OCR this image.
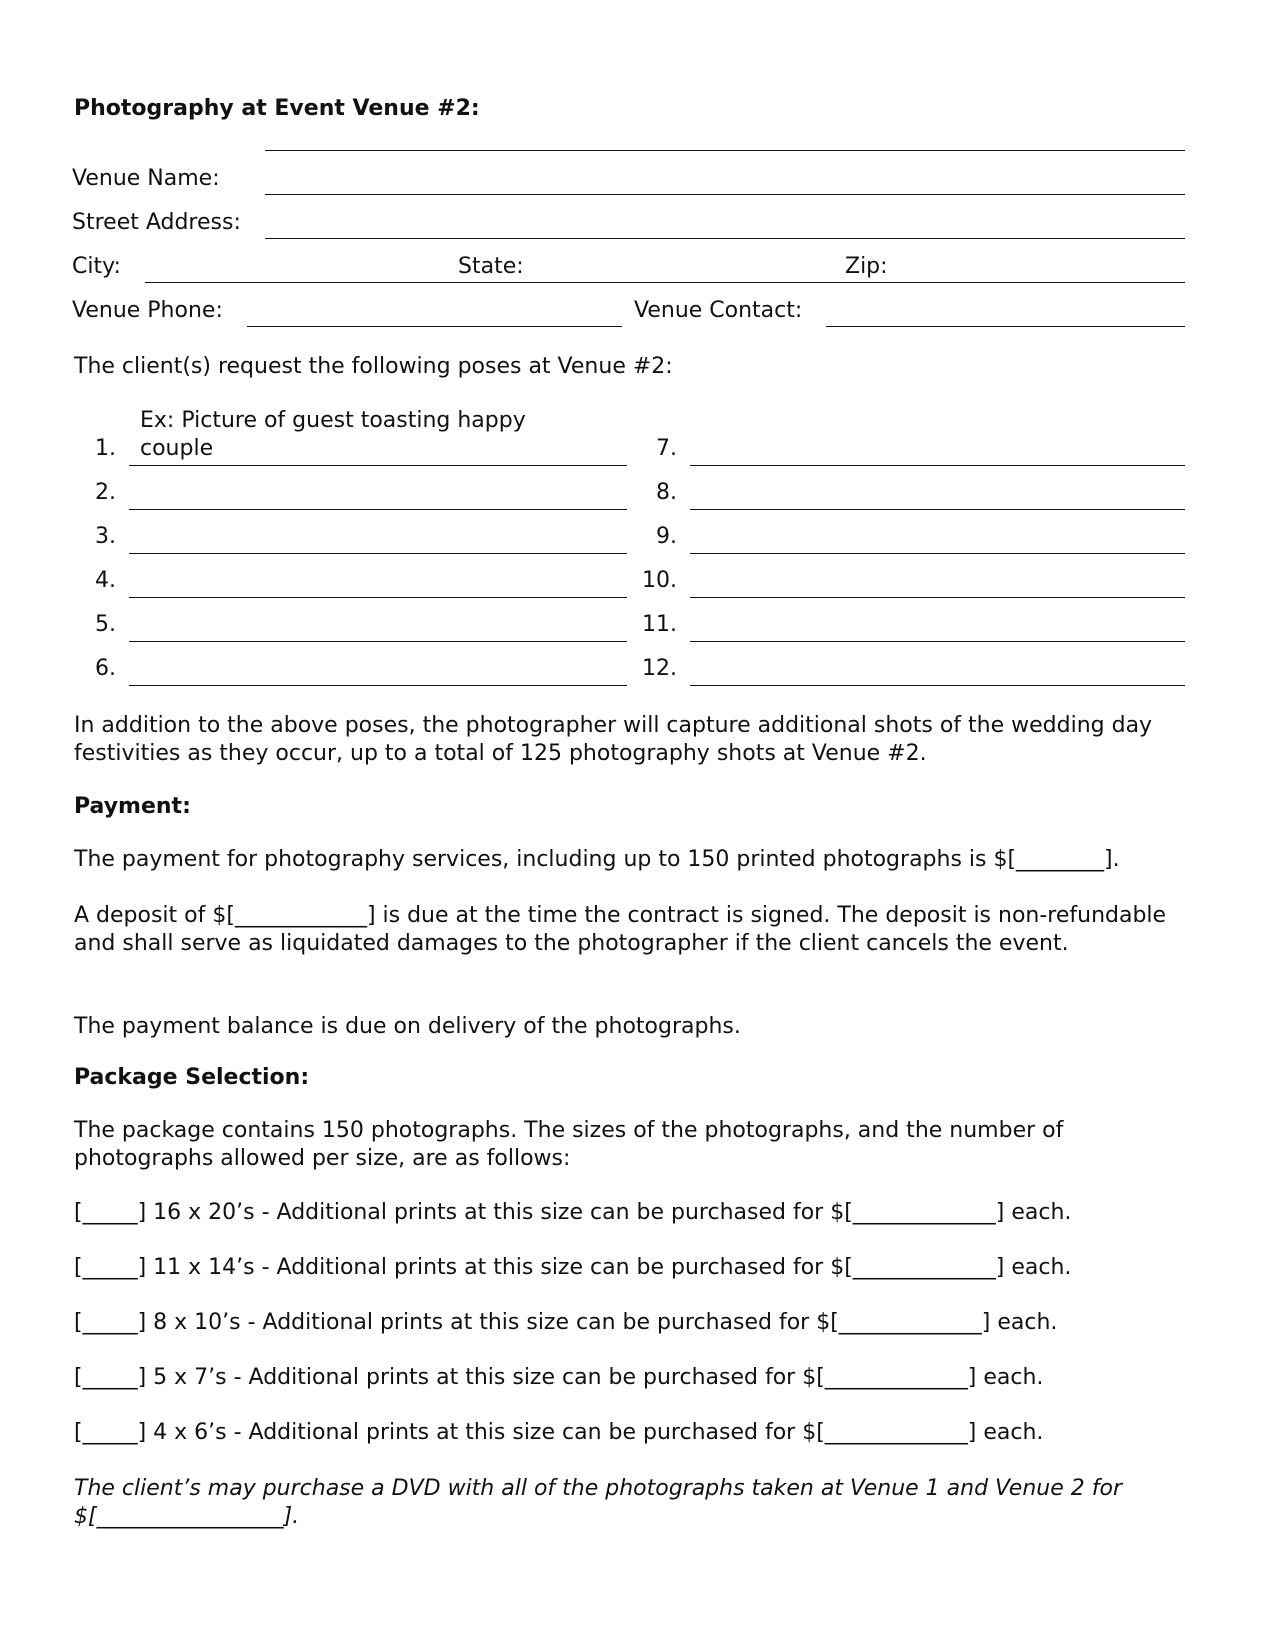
Photography at Event Venue #2:
Venue Name:
Street Address:
City:	State:	Zip:
Venue Phone:	Venue Contact:
The client(s) request the following poses at Venue #2:
Ex: Picture of guest toasting happy
couple
1.
2.
3.
4.
5.
6.
7.
8.
9.
10.
11.
12.
In addition to the above poses, the photographer will capture additional shots of the wedding day festivities as they occur, up to a total of 125 photography shots at Venue #2.
Payment:
The payment for photography services, including up to 150 printed photographs is $[________].
A deposit of $[____________] is due at the time the contract is signed. The deposit is non-refundable and shall serve as liquidated damages to the photographer if the client cancels the event.
The payment balance is due on delivery of the photographs.
Package Selection:
The package contains 150 photographs. The sizes of the photographs, and the number of photographs allowed per size, are as follows:
[_____] 16 x 20’s - Additional prints at this size can be purchased for $[_____________] each.
[_____] 11 x 14’s - Additional prints at this size can be purchased for $[_____________] each.
[_____] 8 x 10’s - Additional prints at this size can be purchased for $[_____________] each.
[_____] 5 x 7’s - Additional prints at this size can be purchased for $[_____________] each.
[_____] 4 x 6’s - Additional prints at this size can be purchased for $[_____________] each.
The client’s may purchase a DVD with all of the photographs taken at Venue 1 and Venue 2 for $[_________________].
